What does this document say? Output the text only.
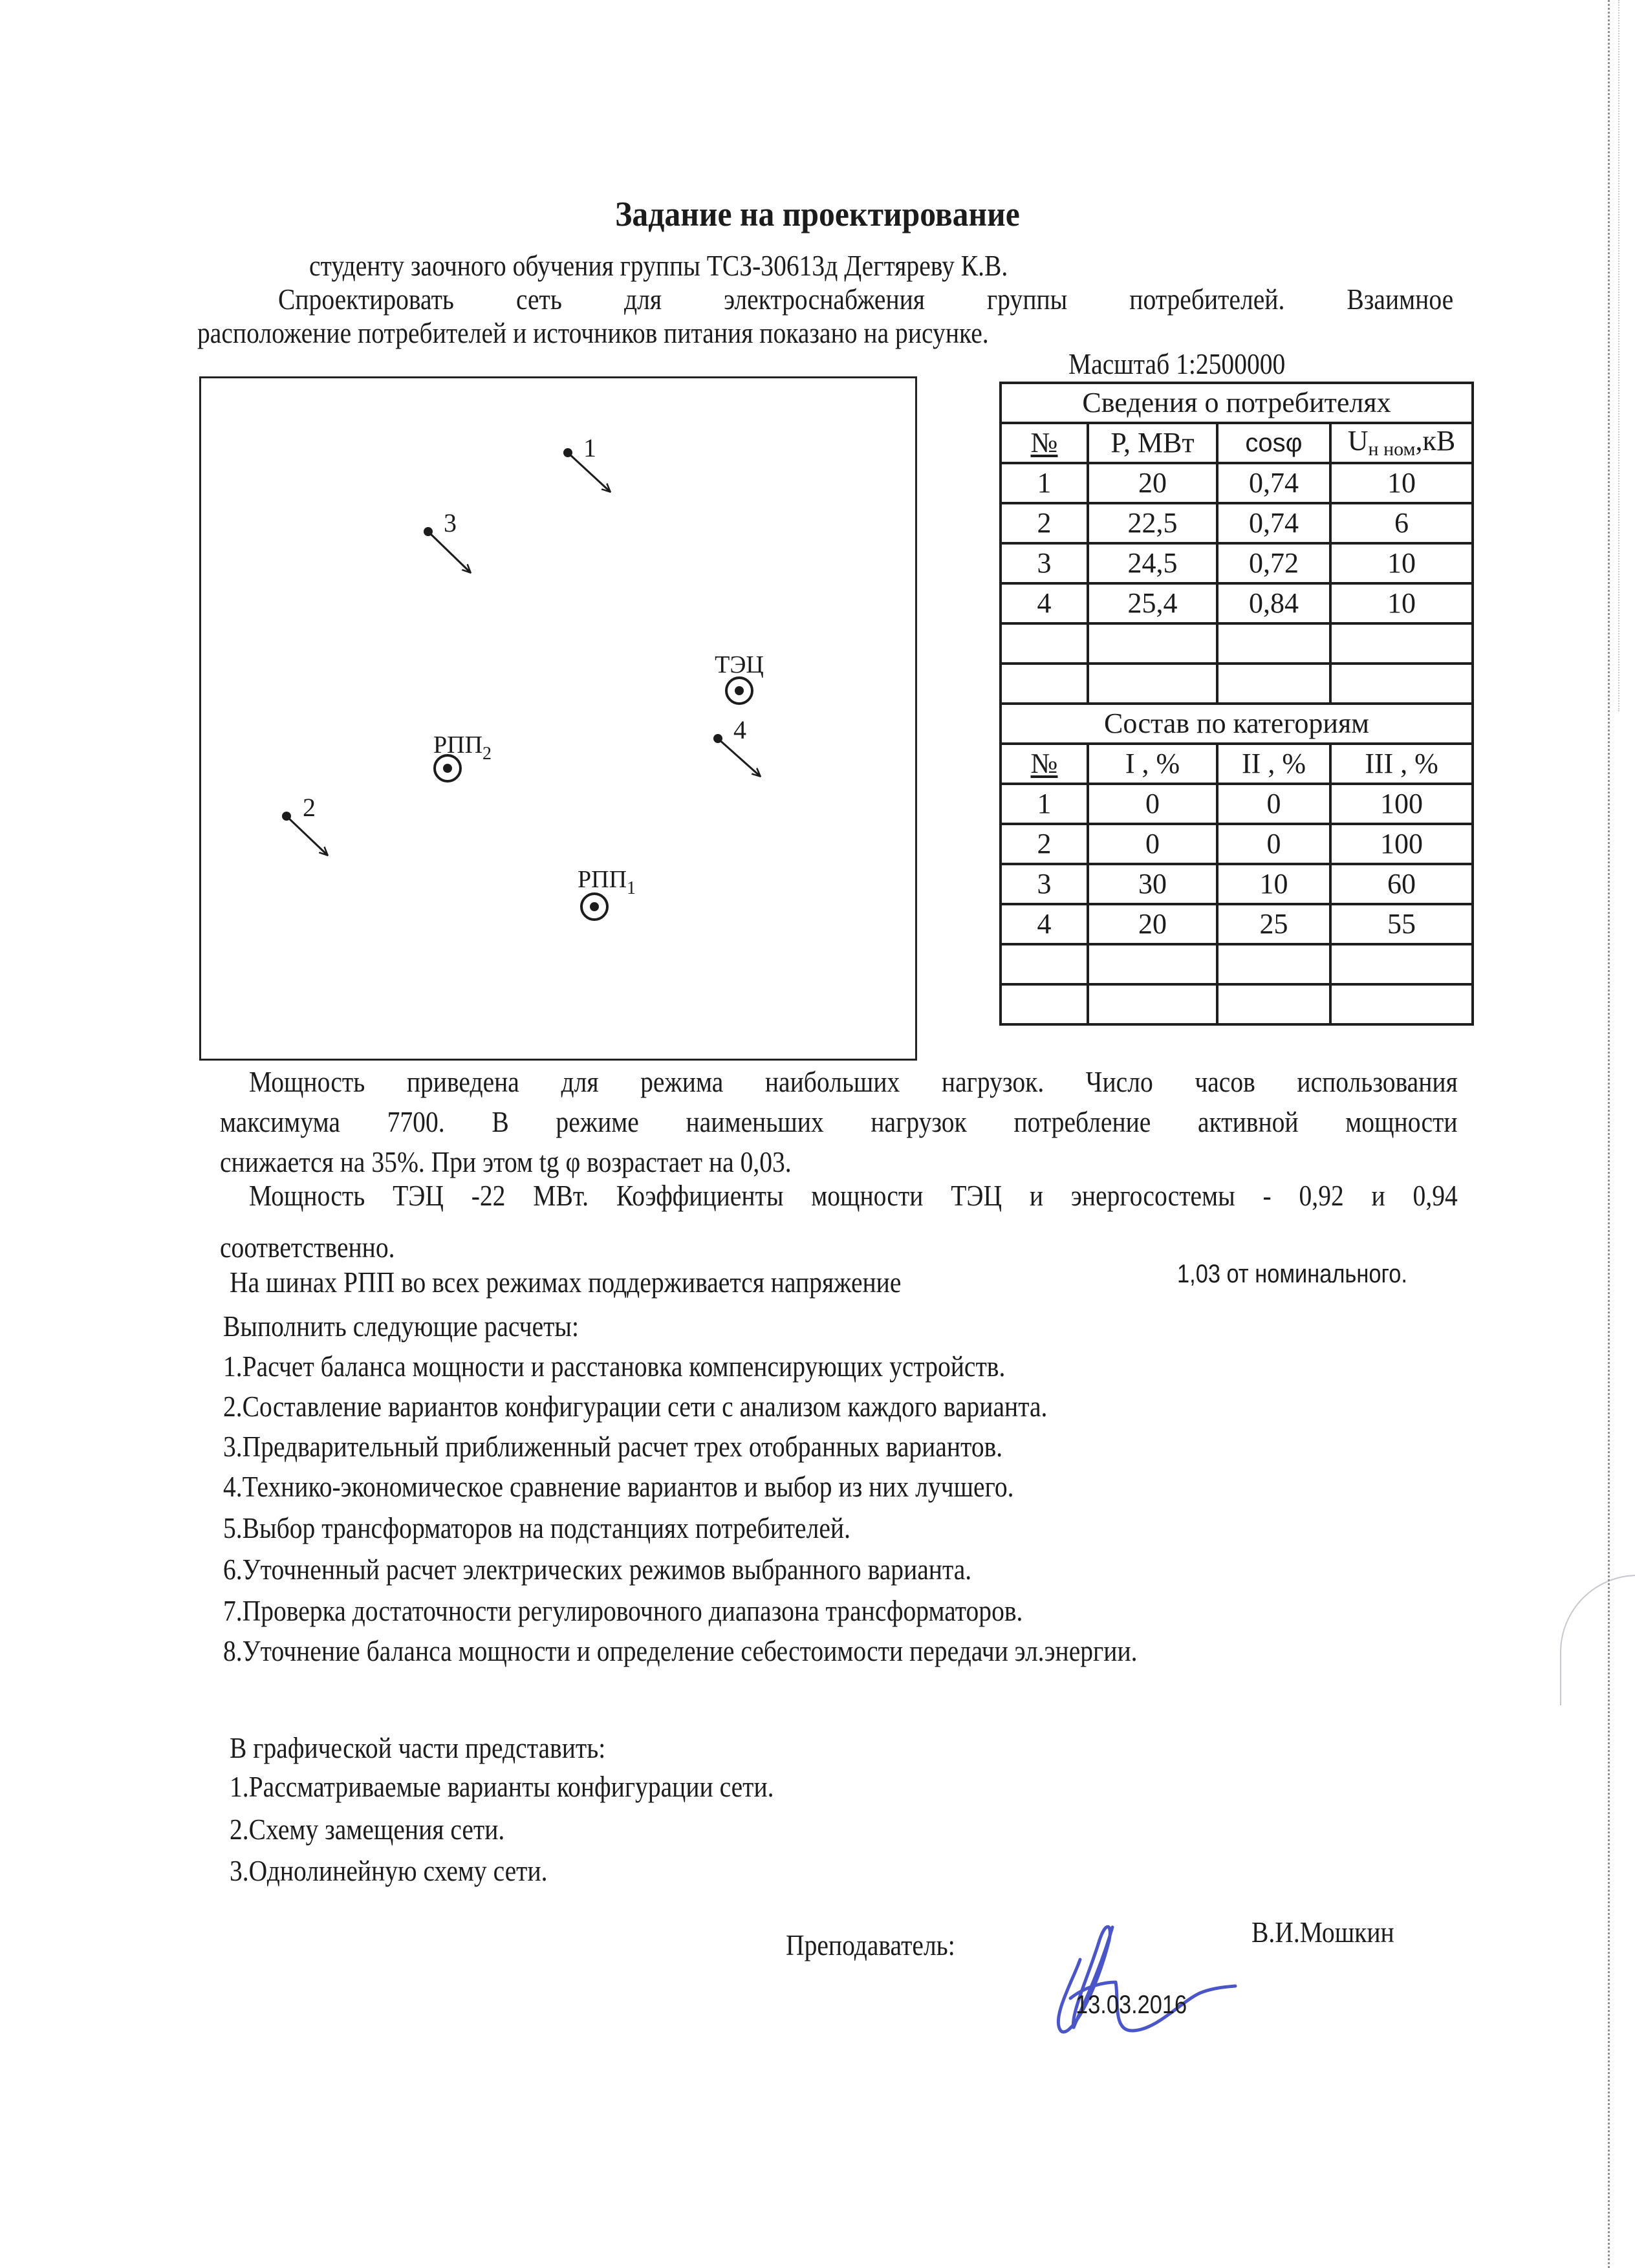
Задание на проектирование
студенту заочного обучения группы ТСЗ-30613д Дегтяреву К.В.
Спроектировать сеть для электроснабжения группы потребителей. Взаимное
расположение потребителей и источников питания показано на рисунке.
Масштаб 1:2500000
1
3
ТЭЦ
4
$РПП_2$
2
$РПП_1$
Сведения о потребителях			
№	P, МВт	cosφ	$U_{н ном},кВ$
1	20	0,74	10
2	22,5	0,74	6
3	24,5	0,72	10
4	25,4	0,84	10

Состав по категориям			
№	I , %	II , %	III , %
1	0	0	100
2	0	0	100
3	30	10	60
4	20	25	55

Мощность приведена для режима наибольших нагрузок. Число часов использования
максимума 7700. В режиме наименьших нагрузок потребление активной мощности
снижается на 35%. При этом tg φ возрастает на 0,03.
Мощность ТЭЦ -22 МВт. Коэффициенты мощности ТЭЦ и энергосостемы - 0,92 и 0,94
соответственно.
На шинах РПП во всех режимах поддерживается напряжение	1,03 от номинального.
Выполнить следующие расчеты:
1.Расчет баланса мощности и расстановка компенсирующих устройств.
2.Составление вариантов конфигурации сети с анализом каждого варианта.
3.Предварительный приближенный расчет трех отобранных вариантов.
4.Технико-экономическое сравнение вариантов и выбор из них лучшего.
5.Выбор трансформаторов на подстанциях потребителей.
6.Уточненный расчет электрических режимов выбранного варианта.
7.Проверка достаточности регулировочного диапазона трансформаторов.
8.Уточнение баланса мощности и определение себестоимости передачи эл.энергии.
В графической части представить:
1.Рассматриваемые варианты конфигурации сети.
2.Схему замещения сети.
3.Однолинейную схему сети.
Преподаватель:	В.И.Мошкин
13.03.2016
